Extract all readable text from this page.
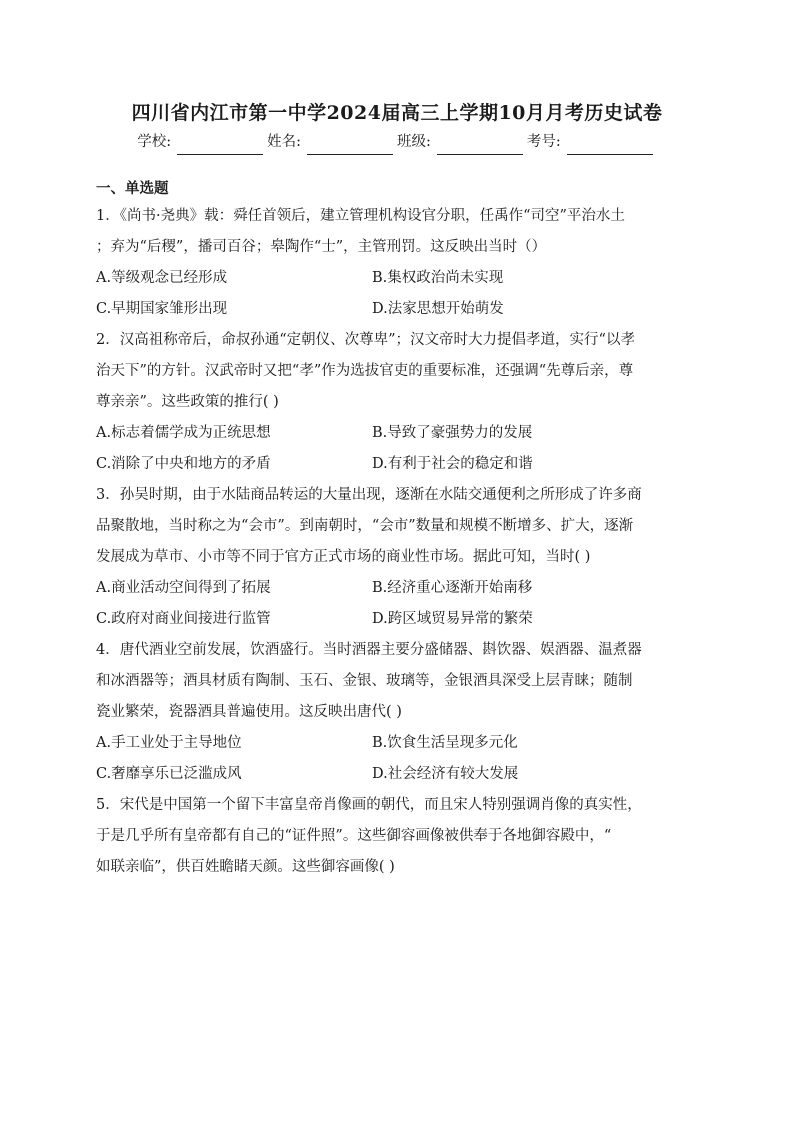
四川省内江市第一中学2024届高三上学期10月月考历史试卷
学校:	姓名:	班级:	考号:
一、单选题
1．《尚书·尧典》载：舜任首领后，建立管理机构设官分职，任禹作“司空”平治水土
；弃为“后稷”，播司百谷；皋陶作“士”，主管刑罚。这反映出当时（）
A.等级观念已经形成	B.集权政治尚未实现
C.早期国家雏形出现	D.法家思想开始萌发
2．汉高祖称帝后，命叔孙通“定朝仪、次尊卑”；汉文帝时大力提倡孝道，实行“以孝
治天下”的方针。汉武帝时又把“孝”作为选拔官吏的重要标准，还强调“先尊后亲，尊
尊亲亲”。这些政策的推行( )
A.标志着儒学成为正统思想	B.导致了豪强势力的发展
C.消除了中央和地方的矛盾	D.有利于社会的稳定和谐
3．孙吴时期，由于水陆商品转运的大量出现，逐渐在水陆交通便利之所形成了许多商
品聚散地，当时称之为“会市”。到南朝时，“会市”数量和规模不断增多、扩大，逐渐
发展成为草市、小市等不同于官方正式市场的商业性市场。据此可知，当时( )
A.商业活动空间得到了拓展	B.经济重心逐渐开始南移
C.政府对商业间接进行监管	D.跨区域贸易异常的繁荣
4．唐代酒业空前发展，饮酒盛行。当时酒器主要分盛储器、斟饮器、娱酒器、温煮器
和冰酒器等；酒具材质有陶制、玉石、金银、玻璃等，金银酒具深受上层青睐；随制
瓷业繁荣，瓷器酒具普遍使用。这反映出唐代( )
A.手工业处于主导地位	B.饮食生活呈现多元化
C.奢靡享乐已泛滥成风	D.社会经济有较大发展
5．宋代是中国第一个留下丰富皇帝肖像画的朝代，而且宋人特别强调肖像的真实性，
于是几乎所有皇帝都有自己的“证件照”。这些御容画像被供奉于各地御容殿中，“
如联亲临”，供百姓瞻睹天颜。这些御容画像( )
